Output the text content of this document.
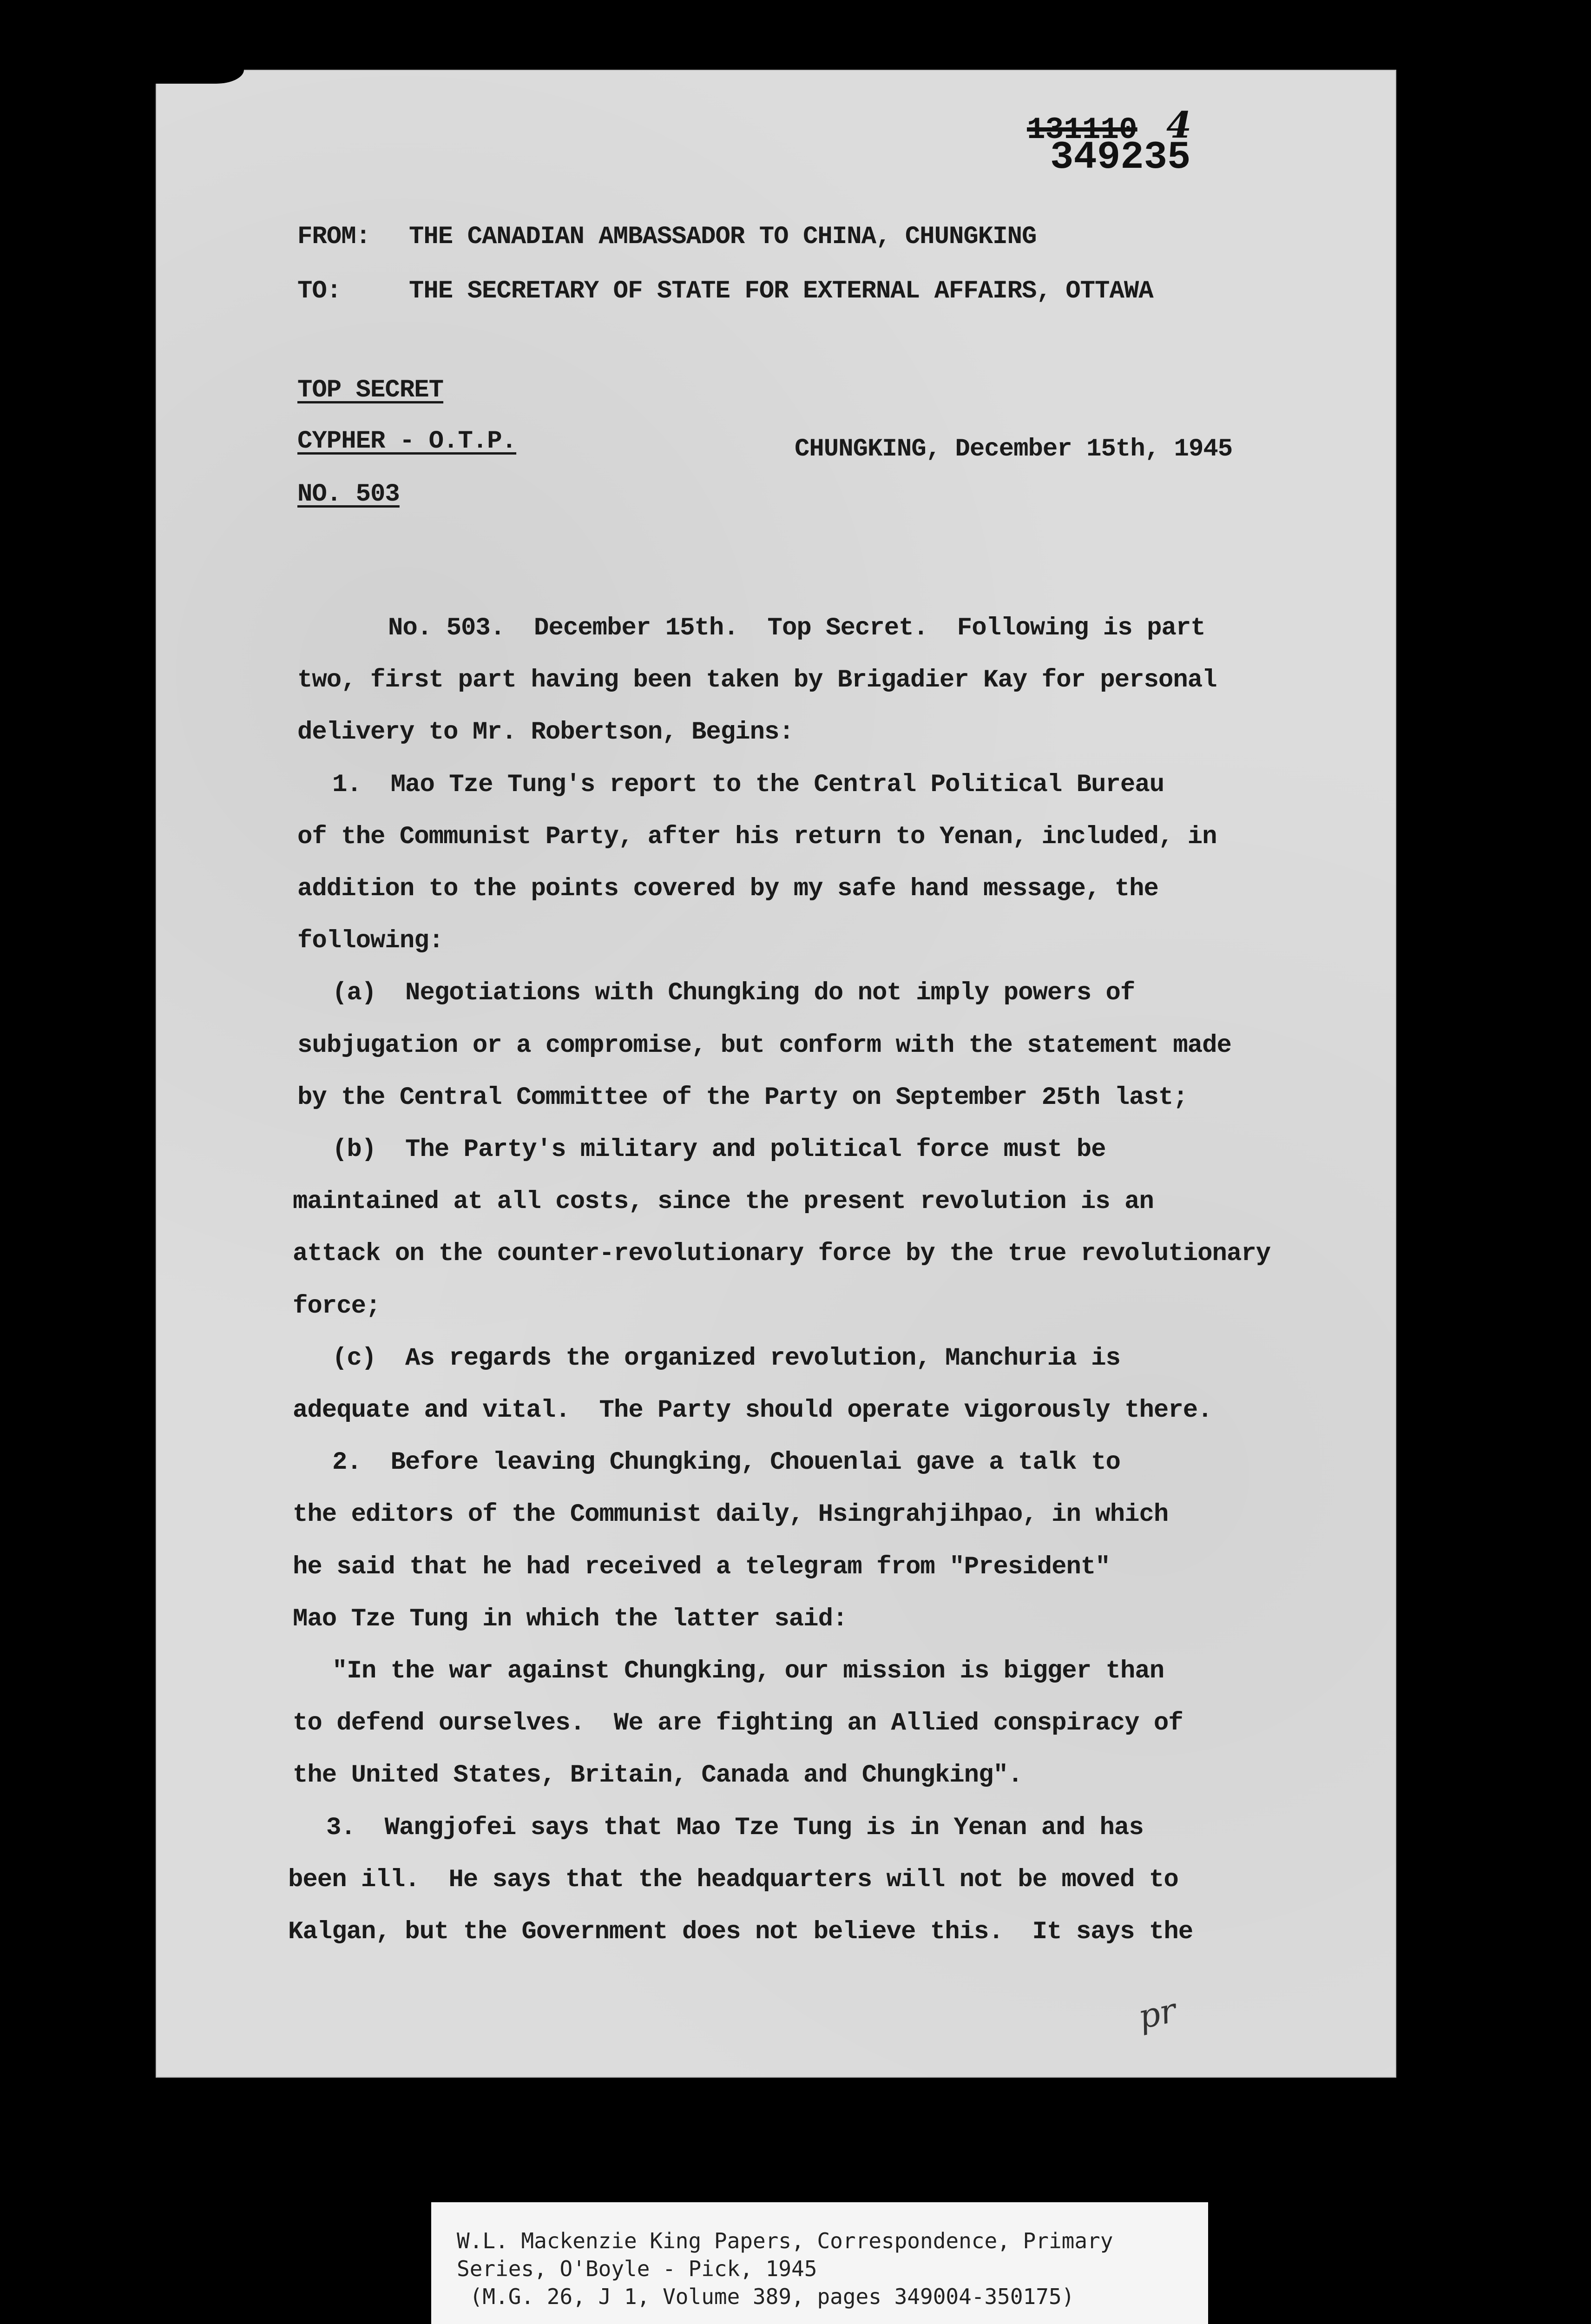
131110 4
349235
FROM: THE CANADIAN AMBASSADOR TO CHINA, CHUNGKING
TO:	THE SECRETARY OF STATE FOR EXTERNAL AFFAIRS, OTTAWA
TOP SECRET
CYPHER - O.T.P.	CHUNGKING, December 15th, 1945
NO. 503
No. 503.  December 15th.  Top Secret.  Following is part
two, first part having been taken by Brigadier Kay for personal
delivery to Mr. Robertson, Begins:
1.  Mao Tze Tung's report to the Central Political Bureau
of the Communist Party, after his return to Yenan, included, in
addition to the points covered by my safe hand message, the
following:
(a)  Negotiations with Chungking do not imply powers of
subjugation or a compromise, but conform with the statement made
by the Central Committee of the Party on September 25th last;
(b)  The Party's military and political force must be
maintained at all costs, since the present revolution is an
attack on the counter-revolutionary force by the true revolutionary
force;
(c)  As regards the organized revolution, Manchuria is
adequate and vital.  The Party should operate vigorously there.
2.  Before leaving Chungking, Chouenlai gave a talk to
the editors of the Communist daily, Hsingrahjihpao, in which
he said that he had received a telegram from "President"
Mao Tze Tung in which the latter said:
"In the war against Chungking, our mission is bigger than
to defend ourselves.  We are fighting an Allied conspiracy of
the United States, Britain, Canada and Chungking".
3.  Wangjofei says that Mao Tze Tung is in Yenan and has
been ill.  He says that the headquarters will not be moved to
Kalgan, but the Government does not believe this.  It says the
pr
W.L. Mackenzie King Papers, Correspondence, Primary
Series, O'Boyle - Pick, 1945
(M.G. 26, J 1, Volume 389, pages 349004-350175)
